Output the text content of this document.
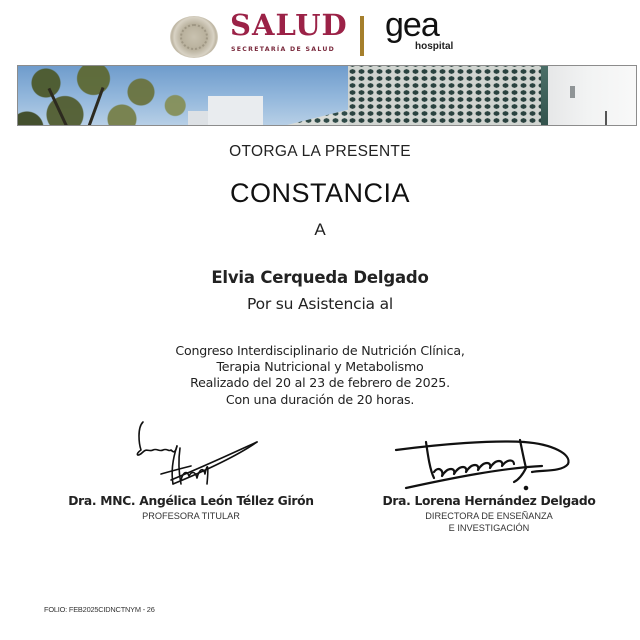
SALUD
SECRETARÍA DE SALUD
gea
hospital
OTORGA LA PRESENTE
CONSTANCIA
A
Elvia Cerqueda Delgado
Por su Asistencia al
Congreso Interdisciplinario de Nutrición Clínica,
Terapia Nutricional y Metabolismo
Realizado del 20 al 23 de febrero de 2025.
Con una duración de 20 horas.
Dra. MNC. Angélica León Téllez Girón
PROFESORA TITULAR
Dra. Lorena Hernández Delgado
DIRECTORA DE ENSEÑANZA
E INVESTIGACIÓN
FOLIO: FEB2025CIDNCTNYM - 26
